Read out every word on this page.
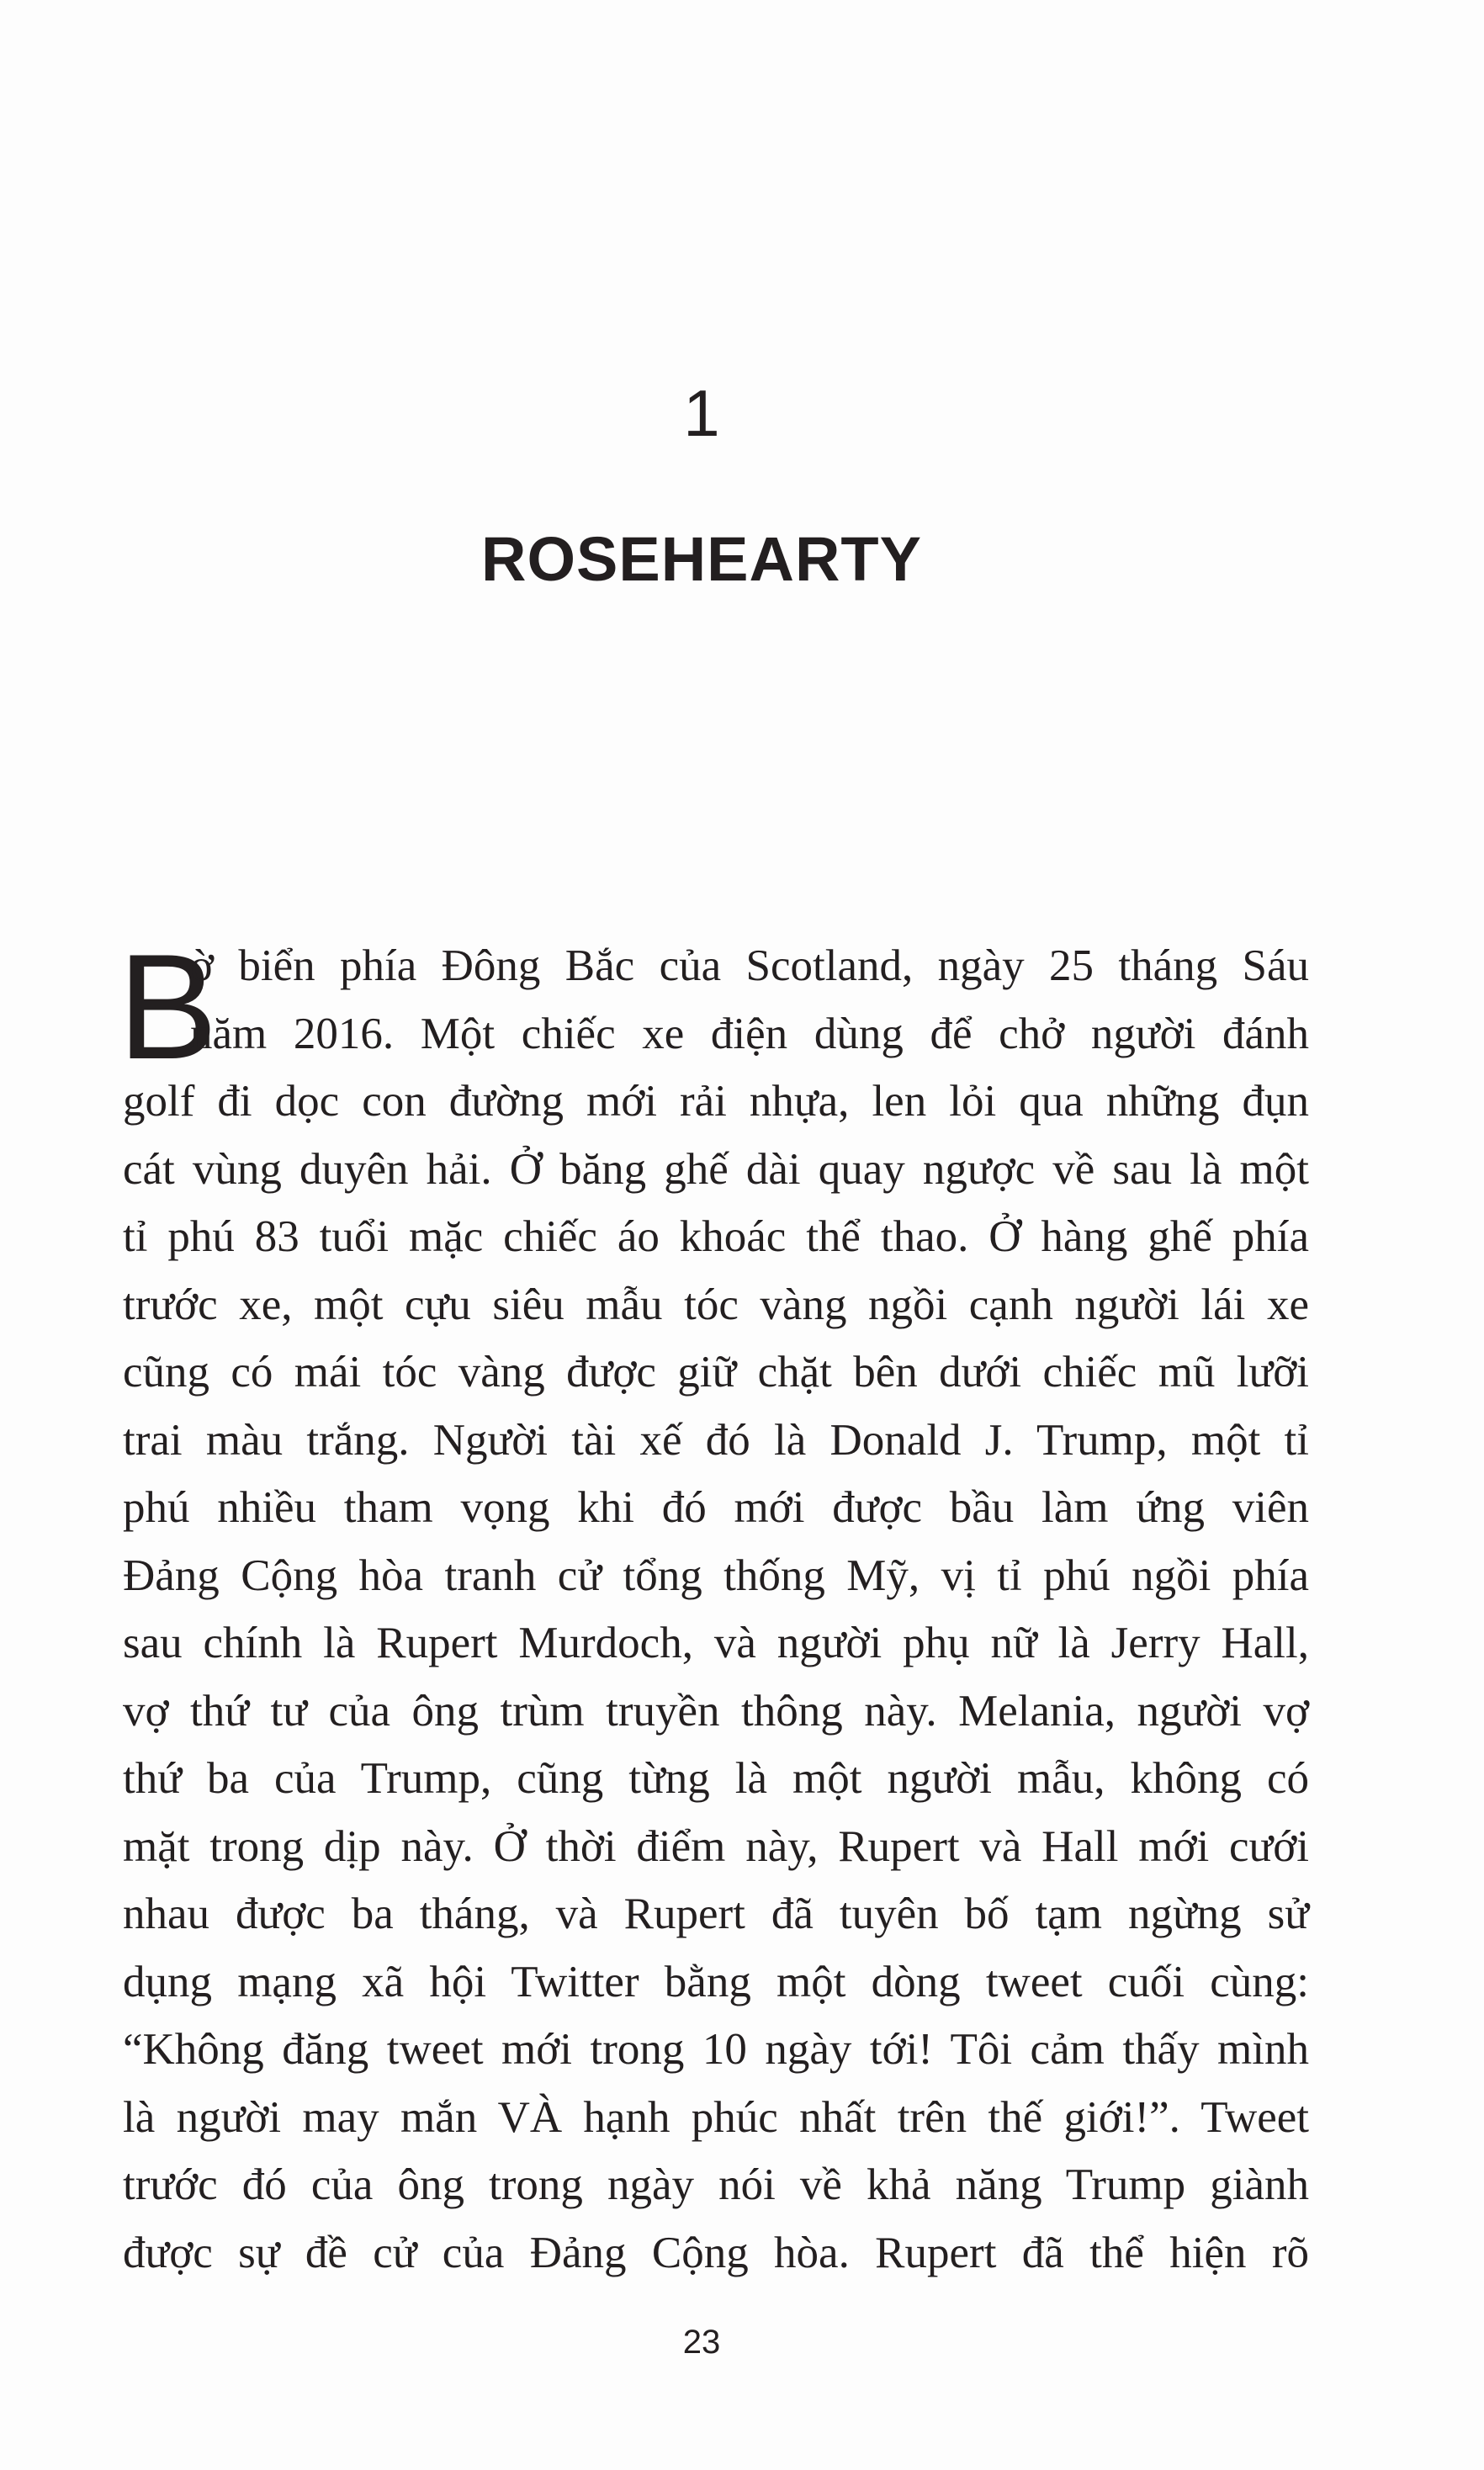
1
ROSEHEARTY
B
ờ biển phía Đông Bắc của Scotland, ngày 25 tháng Sáu
năm 2016. Một chiếc xe điện dùng để chở người đánh
golf đi dọc con đường mới rải nhựa, len lỏi qua những đụn
cát vùng duyên hải. Ở băng ghế dài quay ngược về sau là một
tỉ phú 83 tuổi mặc chiếc áo khoác thể thao. Ở hàng ghế phía
trước xe, một cựu siêu mẫu tóc vàng ngồi cạnh người lái xe
cũng có mái tóc vàng được giữ chặt bên dưới chiếc mũ lưỡi
trai màu trắng. Người tài xế đó là Donald J. Trump, một tỉ
phú nhiều tham vọng khi đó mới được bầu làm ứng viên
Đảng Cộng hòa tranh cử tổng thống Mỹ, vị tỉ phú ngồi phía
sau chính là Rupert Murdoch, và người phụ nữ là Jerry Hall,
vợ thứ tư của ông trùm truyền thông này. Melania, người vợ
thứ ba của Trump, cũng từng là một người mẫu, không có
mặt trong dịp này. Ở thời điểm này, Rupert và Hall mới cưới
nhau được ba tháng, và Rupert đã tuyên bố tạm ngừng sử
dụng mạng xã hội Twitter bằng một dòng tweet cuối cùng:
“Không đăng tweet mới trong 10 ngày tới! Tôi cảm thấy mình
là người may mắn VÀ hạnh phúc nhất trên thế giới!”. Tweet
trước đó của ông trong ngày nói về khả năng Trump giành
được sự đề cử của Đảng Cộng hòa. Rupert đã thể hiện rõ
23
